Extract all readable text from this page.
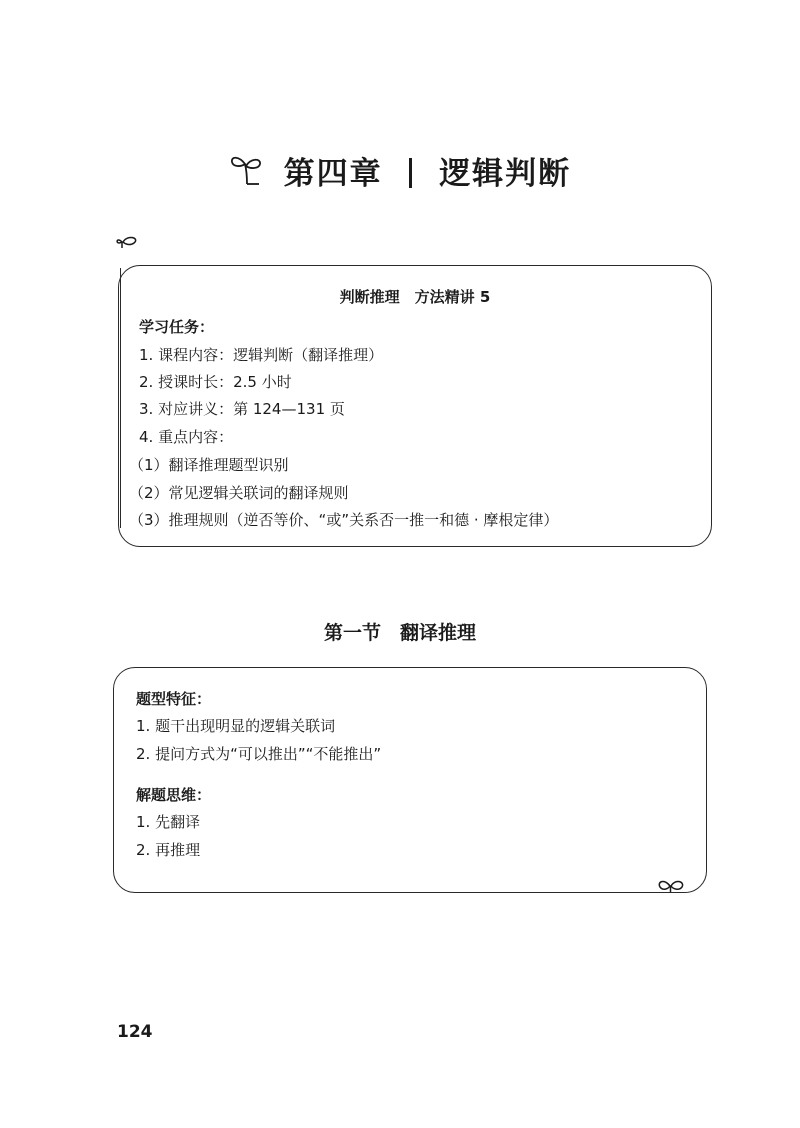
第四章 逻辑判断
判断推理　方法精讲 5
学习任务：
1. 课程内容：逻辑判断（翻译推理）
2. 授课时长：2.5 小时
3. 对应讲义：第 124—131 页
4. 重点内容：
（1）翻译推理题型识别
（2）常见逻辑关联词的翻译规则
（3）推理规则（逆否等价、“或”关系否一推一和德 · 摩根定律）
第一节　翻译推理
题型特征：
1. 题干出现明显的逻辑关联词
2. 提问方式为“可以推出”“不能推出”
解题思维：
1. 先翻译
2. 再推理
124
